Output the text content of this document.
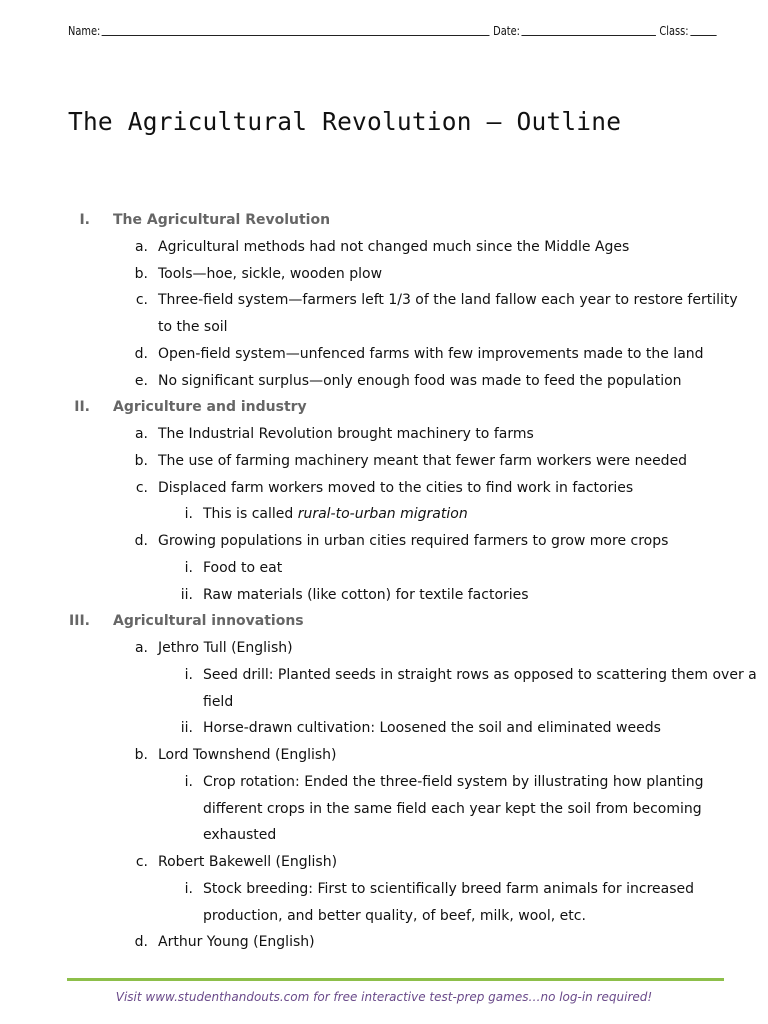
Name:	Date:	Class:
The Agricultural Revolution – Outline
I. The Agricultural Revolution
a. Agricultural methods had not changed much since the Middle Ages
b. Tools—hoe, sickle, wooden plow
c. Three-field system—farmers left 1/3 of the land fallow each year to restore fertility
to the soil
d. Open-field system—unfenced farms with few improvements made to the land
e. No significant surplus—only enough food was made to feed the population
II. Agriculture and industry
a. The Industrial Revolution brought machinery to farms
b. The use of farming machinery meant that fewer farm workers were needed
c. Displaced farm workers moved to the cities to find work in factories
i. This is called rural-to-urban migration
d. Growing populations in urban cities required farmers to grow more crops
i. Food to eat
ii. Raw materials (like cotton) for textile factories
III. Agricultural innovations
a. Jethro Tull (English)
i. Seed drill: Planted seeds in straight rows as opposed to scattering them over a
field
ii. Horse-drawn cultivation: Loosened the soil and eliminated weeds
b. Lord Townshend (English)
i. Crop rotation: Ended the three-field system by illustrating how planting
different crops in the same field each year kept the soil from becoming
exhausted
c. Robert Bakewell (English)
i. Stock breeding: First to scientifically breed farm animals for increased
production, and better quality, of beef, milk, wool, etc.
d. Arthur Young (English)
Visit www.studenthandouts.com for free interactive test-prep games…no log-in required!
